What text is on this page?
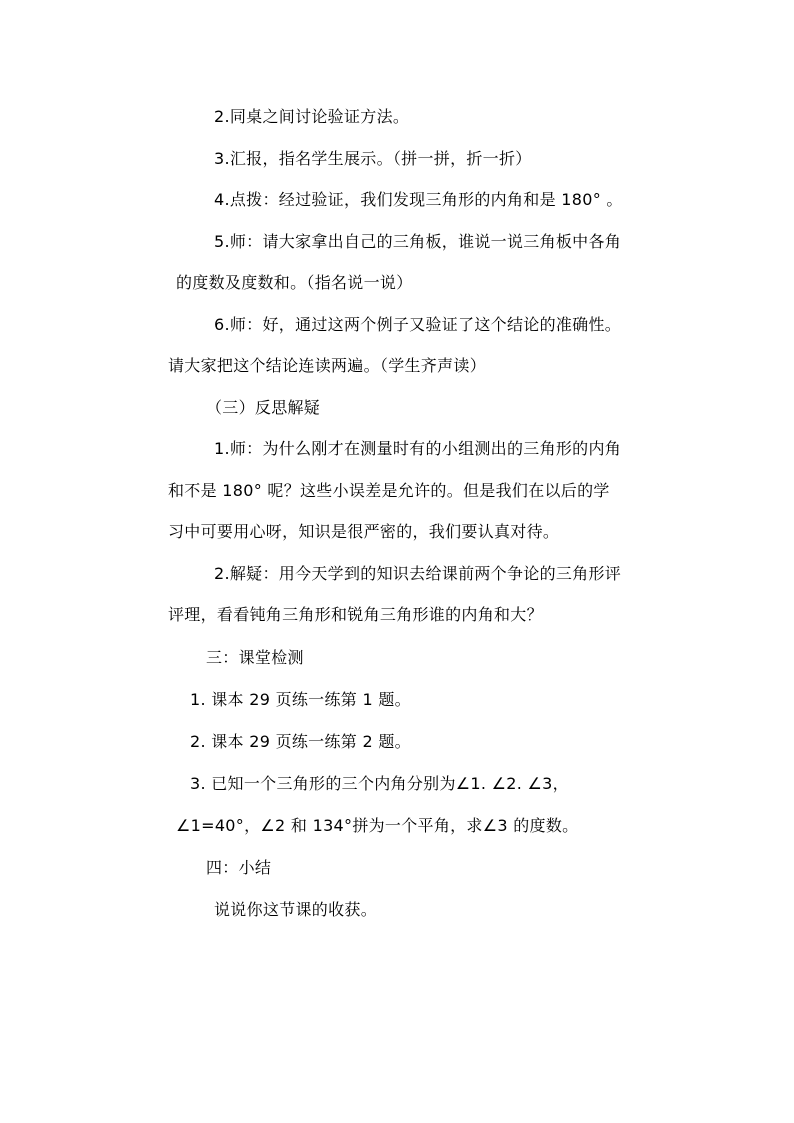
2.同桌之间讨论验证方法。
3.汇报，指名学生展示。（拼一拼，折一折）
4.点拨：经过验证，我们发现三角形的内角和是 180° 。
5.师：请大家拿出自己的三角板，谁说一说三角板中各角
的度数及度数和。（指名说一说）
6.师：好，通过这两个例子又验证了这个结论的准确性。
请大家把这个结论连读两遍。（学生齐声读）
（三）反思解疑
1.师：为什么刚才在测量时有的小组测出的三角形的内角
和不是 180° 呢？这些小误差是允许的。但是我们在以后的学
习中可要用心呀，知识是很严密的，我们要认真对待。
2.解疑：用今天学到的知识去给课前两个争论的三角形评
评理，看看钝角三角形和锐角三角形谁的内角和大？
三：课堂检测
1. 课本 29 页练一练第 1 题。
2. 课本 29 页练一练第 2 题。
3. 已知一个三角形的三个内角分别为∠1. ∠2. ∠3，
∠1=40°，∠2 和 134°拼为一个平角，求∠3 的度数。
四：小结
说说你这节课的收获。
